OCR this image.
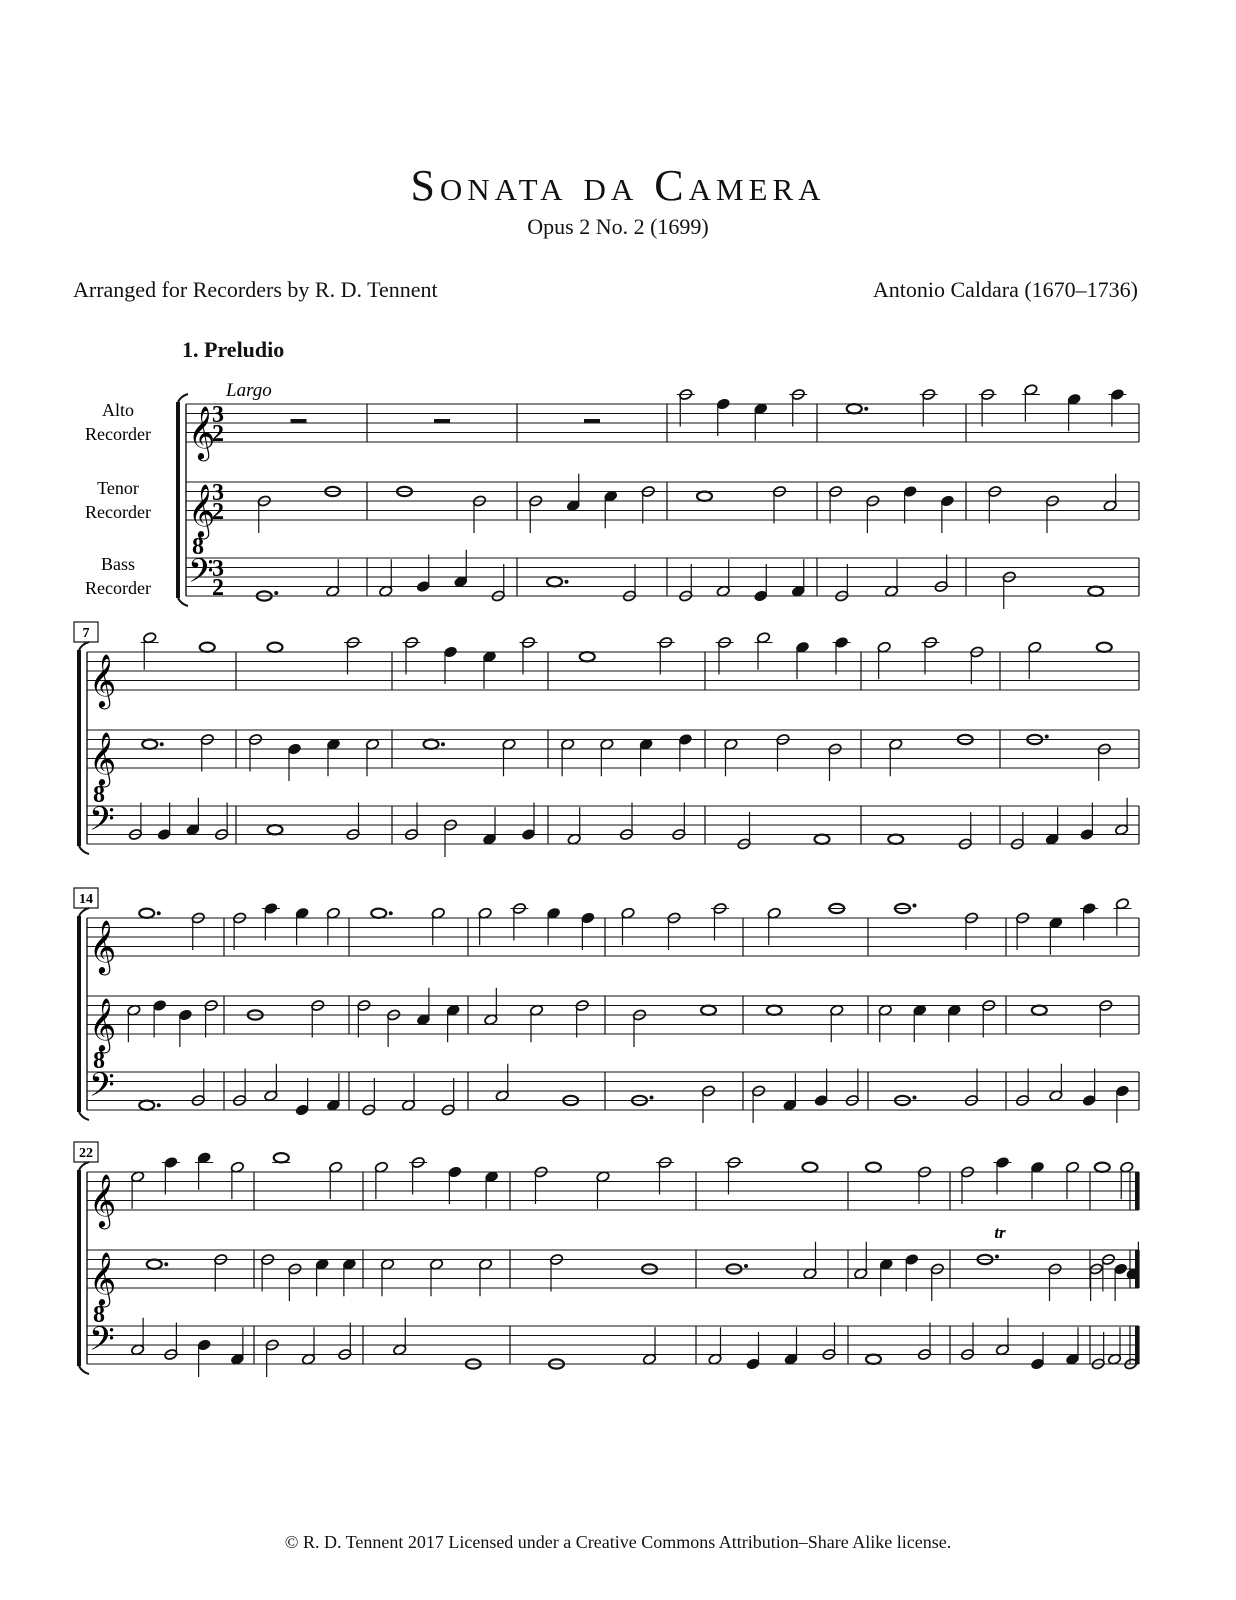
Sonata da Camera
Opus 2 No. 2 (1699)
Arranged for Recorders by R. D. Tennent	Antonio Caldara (1670–1736)
1. Preludio
𝄞
Alto
Recorder
3
2
𝄞
Tenor
Recorder
3
2
𝄢
8
Bass
Recorder
3
2
Largo
7
𝄞
𝄞
𝄢
8
14
𝄞
𝄞
𝄢
8
22
𝄞
𝄞
𝄢
8
tr
© R. D. Tennent 2017 Licensed under a Creative Commons Attribution–Share Alike license.
